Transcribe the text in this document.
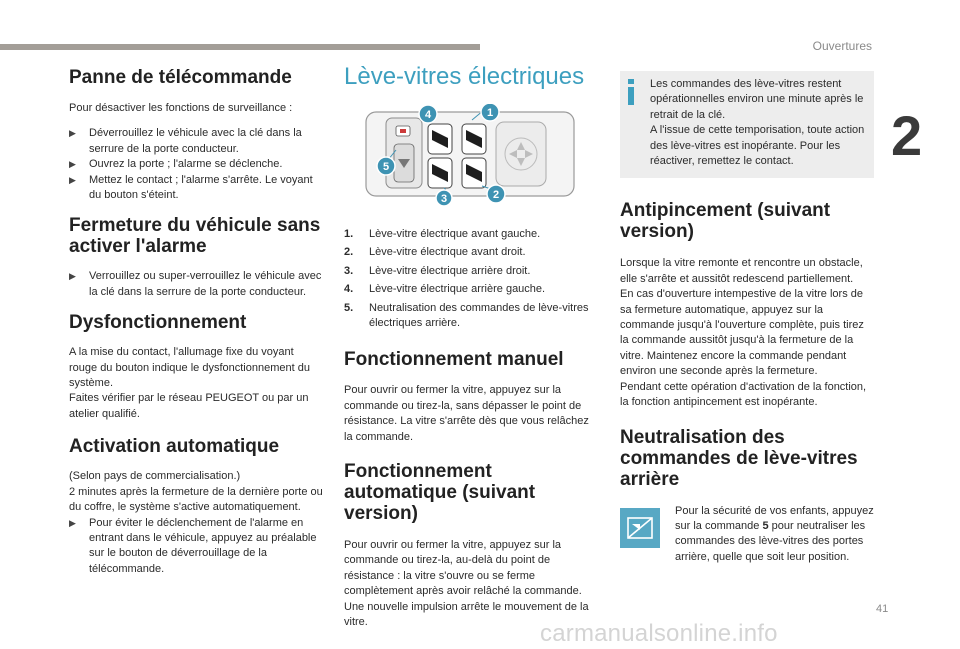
Ouvertures
2
41
carmanualsonline.info
Panne de télécommande

Pour désactiver les fonctions de surveillance :

▶ Déverrouillez le véhicule avec la clé dans la serrure de la porte conducteur.
▶ Ouvrez la porte ; l'alarme se déclenche.
▶ Mettez le contact ; l'alarme s'arrête. Le voyant du bouton s'éteint.
Fermeture du véhicule sans activer l'alarme
▶ Verrouillez ou super-verrouillez le véhicule avec la clé dans la serrure de la porte conducteur.
Dysfonctionnement

A la mise du contact, l'allumage fixe du voyant rouge du bouton indique le dysfonctionnement du système.

Faites vérifier par le réseau PEUGEOT ou par un atelier qualifié.

Activation automatique

(Selon pays de commercialisation.)

2 minutes après la fermeture de la dernière porte ou du coffre, le système s'active automatiquement.

▶ Pour éviter le déclenchement de l'alarme en entrant dans le véhicule, appuyez au préalable sur le bouton de déverrouillage de la télécommande.
Lève-vitres électriques
4	1
5
3	2
1. Lève-vitre électrique avant gauche.
2. Lève-vitre électrique avant droit.
3. Lève-vitre électrique arrière droit.
4. Lève-vitre électrique arrière gauche.
5. Neutralisation des commandes de lève-vitres électriques arrière.
Fonctionnement manuel

Pour ouvrir ou fermer la vitre, appuyez sur la commande ou tirez-la, sans dépasser le point de résistance. La vitre s'arrête dès que vous relâchez la commande.

Fonctionnement automatique (suivant version)

Pour ouvrir ou fermer la vitre, appuyez sur la commande ou tirez-la, au-delà du point de résistance : la vitre s'ouvre ou se ferme complètement après avoir relâché la commande. Une nouvelle impulsion arrête le mouvement de la vitre.

Les commandes des lève-vitres restent opérationnelles environ une minute après le retrait de la clé.

A l'issue de cette temporisation, toute action des lève-vitres est inopérante. Pour les réactiver, remettez le contact.

Antipincement (suivant version)

Lorsque la vitre remonte et rencontre un obstacle, elle s'arrête et aussitôt redescend partiellement.

En cas d'ouverture intempestive de la vitre lors de sa fermeture automatique, appuyez sur la commande jusqu'à l'ouverture complète, puis tirez la commande aussitôt jusqu'à la fermeture de la vitre. Maintenez encore la commande pendant environ une seconde après la fermeture.

Pendant cette opération d'activation de la fonction, la fonction antipincement est inopérante.

Neutralisation des commandes de lève-vitres arrière

Pour la sécurité de vos enfants, appuyez sur la commande 5 pour neutraliser les commandes des lève-vitres des portes arrière, quelle que soit leur position.
